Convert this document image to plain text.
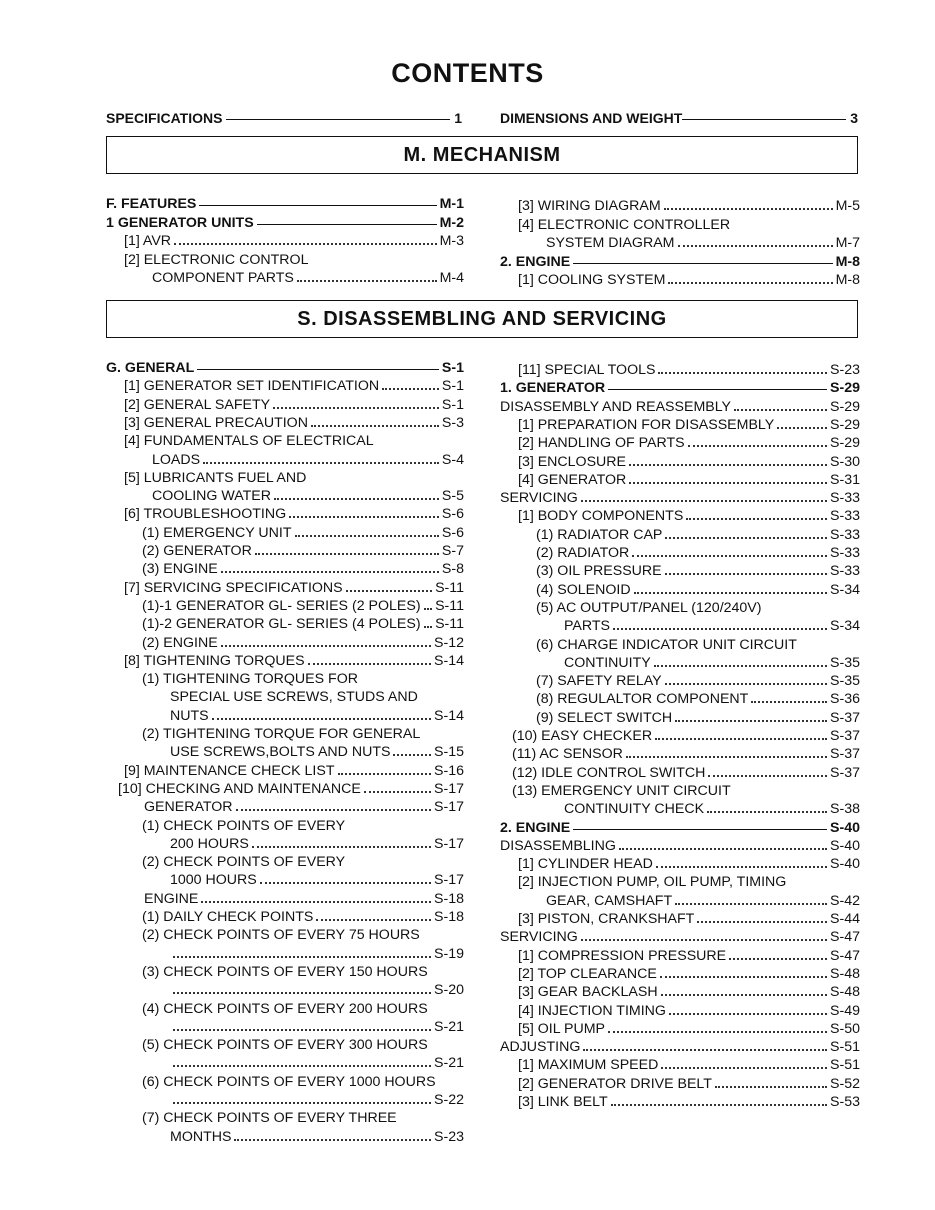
CONTENTS
SPECIFICATIONS	1	DIMENSIONS AND WEIGHT	3
M. MECHANISM
F. FEATURES	M-1
1 GENERATOR UNITS	M-2
[1] AVR	M-3
[2] ELECTRONIC CONTROL
COMPONENT PARTS	M-4
[3] WIRING DIAGRAM	M-5
[4] ELECTRONIC CONTROLLER
SYSTEM DIAGRAM	M-7
2. ENGINE	M-8
[1] COOLING SYSTEM	M-8
S. DISASSEMBLING AND SERVICING
G. GENERAL	S-1
[1] GENERATOR SET IDENTIFICATION	S-1
[2] GENERAL SAFETY	S-1
[3] GENERAL PRECAUTION	S-3
[4] FUNDAMENTALS OF ELECTRICAL
LOADS	S-4
[5] LUBRICANTS FUEL AND
COOLING WATER	S-5
[6] TROUBLESHOOTING	S-6
(1) EMERGENCY UNIT	S-6
(2) GENERATOR	S-7
(3) ENGINE	S-8
[7] SERVICING SPECIFICATIONS	S-11
(1)-1 GENERATOR GL- SERIES (2 POLES) S-11
(1)-2 GENERATOR GL- SERIES (4 POLES) S-11
(2) ENGINE	S-12
[8] TIGHTENING TORQUES	S-14
(1) TIGHTENING TORQUES FOR
SPECIAL USE SCREWS, STUDS AND
NUTS	S-14
(2) TIGHTENING TORQUE FOR GENERAL
USE SCREWS,BOLTS AND NUTS	S-15
[9] MAINTENANCE CHECK LIST	S-16
[10] CHECKING AND MAINTENANCE	S-17
GENERATOR	S-17
(1) CHECK POINTS OF EVERY
200 HOURS	S-17
(2) CHECK POINTS OF EVERY
1000 HOURS	S-17
ENGINE	S-18
(1) DAILY CHECK POINTS	S-18
(2) CHECK POINTS OF EVERY 75 HOURS
S-19
(3) CHECK POINTS OF EVERY 150 HOURS
S-20
(4) CHECK POINTS OF EVERY 200 HOURS
S-21
(5) CHECK POINTS OF EVERY 300 HOURS
S-21
(6) CHECK POINTS OF EVERY 1000 HOURS
S-22
(7) CHECK POINTS OF EVERY THREE
MONTHS	S-23
[11] SPECIAL TOOLS	S-23
1. GENERATOR	S-29
DISASSEMBLY AND REASSEMBLY	S-29
[1] PREPARATION FOR DISASSEMBLY	S-29
[2] HANDLING OF PARTS	S-29
[3] ENCLOSURE	S-30
[4] GENERATOR	S-31
SERVICING	S-33
[1] BODY COMPONENTS	S-33
(1) RADIATOR CAP	S-33
(2) RADIATOR	S-33
(3) OIL PRESSURE	S-33
(4) SOLENOID	S-34
(5) AC OUTPUT/PANEL (120/240V)
PARTS	S-34
(6) CHARGE INDICATOR UNIT CIRCUIT
CONTINUITY	S-35
(7) SAFETY RELAY	S-35
(8) REGULALTOR COMPONENT	S-36
(9) SELECT SWITCH	S-37
(10) EASY CHECKER	S-37
(11) AC SENSOR	S-37
(12) IDLE CONTROL SWITCH	S-37
(13) EMERGENCY UNIT CIRCUIT
CONTINUITY CHECK	S-38
2. ENGINE	S-40
DISASSEMBLING	S-40
[1] CYLINDER HEAD	S-40
[2] INJECTION PUMP, OIL PUMP, TIMING
GEAR, CAMSHAFT	S-42
[3] PISTON, CRANKSHAFT	S-44
SERVICING	S-47
[1] COMPRESSION PRESSURE	S-47
[2] TOP CLEARANCE	S-48
[3] GEAR BACKLASH	S-48
[4] INJECTION TIMING	S-49
[5] OIL PUMP	S-50
ADJUSTING	S-51
[1] MAXIMUM SPEED	S-51
[2] GENERATOR DRIVE BELT	S-52
[3] LINK BELT	S-53
